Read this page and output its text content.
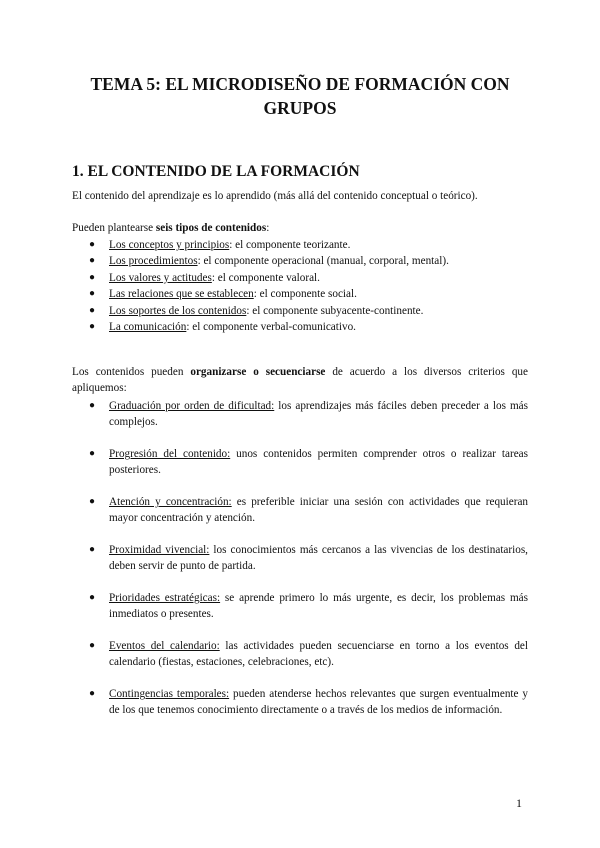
TEMA 5: EL MICRODISEÑO DE FORMACIÓN CON GRUPOS
1. EL CONTENIDO DE LA FORMACIÓN

El contenido del aprendizaje es lo aprendido (más allá del contenido conceptual o teórico).

Pueden plantearse seis tipos de contenidos:

● Los conceptos y principios: el componente teorizante.
● Los procedimientos: el componente operacional (manual, corporal, mental).
● Los valores y actitudes: el componente valoral.
● Las relaciones que se establecen: el componente social.
● Los soportes de los contenidos: el componente subyacente-continente.
● La comunicación: el componente verbal-comunicativo.

Los contenidos pueden organizarse o secuenciarse de acuerdo a los diversos criterios que apliquemos:

● Graduación por orden de dificultad: los aprendizajes más fáciles deben preceder a los más complejos.
● Progresión del contenido: unos contenidos permiten comprender otros o realizar tareas posteriores.
● Atención y concentración: es preferible iniciar una sesión con actividades que requieran mayor concentración y atención.
● Proximidad vivencial: los conocimientos más cercanos a las vivencias de los destinatarios, deben servir de punto de partida.
● Prioridades estratégicas: se aprende primero lo más urgente, es decir, los problemas más inmediatos o presentes.
● Eventos del calendario: las actividades pueden secuenciarse en torno a los eventos del calendario (fiestas, estaciones, celebraciones, etc).
● Contingencias temporales: pueden atenderse hechos relevantes que surgen eventualmente y de los que tenemos conocimiento directamente o a través de los medios de información.
1
